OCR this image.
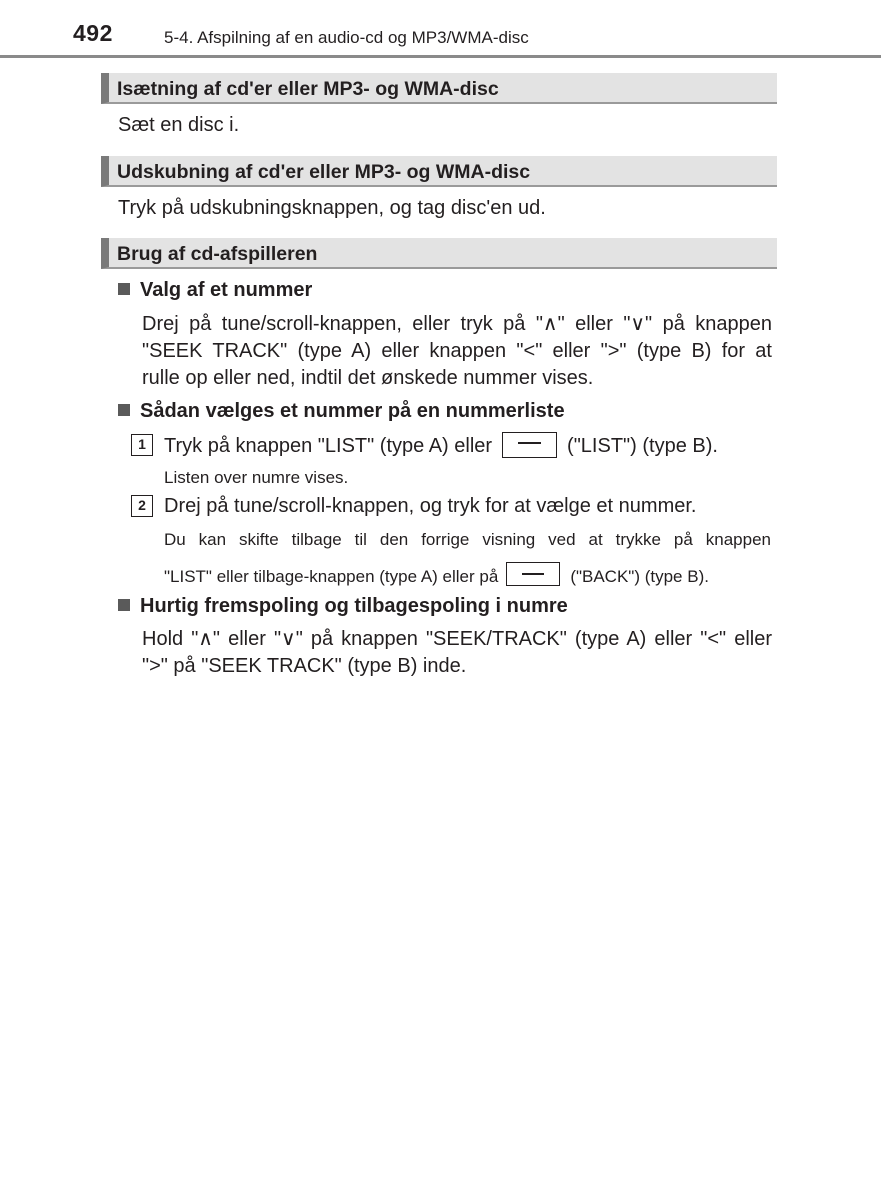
492	5-4. Afspilning af en audio-cd og MP3/WMA-disc
Isætning af cd'er eller MP3- og WMA-disc
Sæt en disc i.
Udskubning af cd'er eller MP3- og WMA-disc
Tryk på udskubningsknappen, og tag disc'en ud.
Brug af cd-afspilleren
Valg af et nummer
Drej på tune/scroll-knappen, eller tryk på "∧" eller "∨" på knappen
"SEEK TRACK" (type A) eller knappen "<" eller ">" (type B) for at
rulle op eller ned, indtil det ønskede nummer vises.
Sådan vælges et nummer på en nummerliste
1 Tryk på knappen "LIST" (type A) eller	("LIST") (type B).
Listen over numre vises.
2 Drej på tune/scroll-knappen, og tryk for at vælge et nummer.
Du kan skifte tilbage til den forrige visning ved at trykke på knappen
"LIST" eller tilbage-knappen (type A) eller på	("BACK") (type B).
Hurtig fremspoling og tilbagespoling i numre
Hold "∧" eller "∨" på knappen "SEEK/TRACK" (type A) eller "<" eller
">" på "SEEK TRACK" (type B) inde.
